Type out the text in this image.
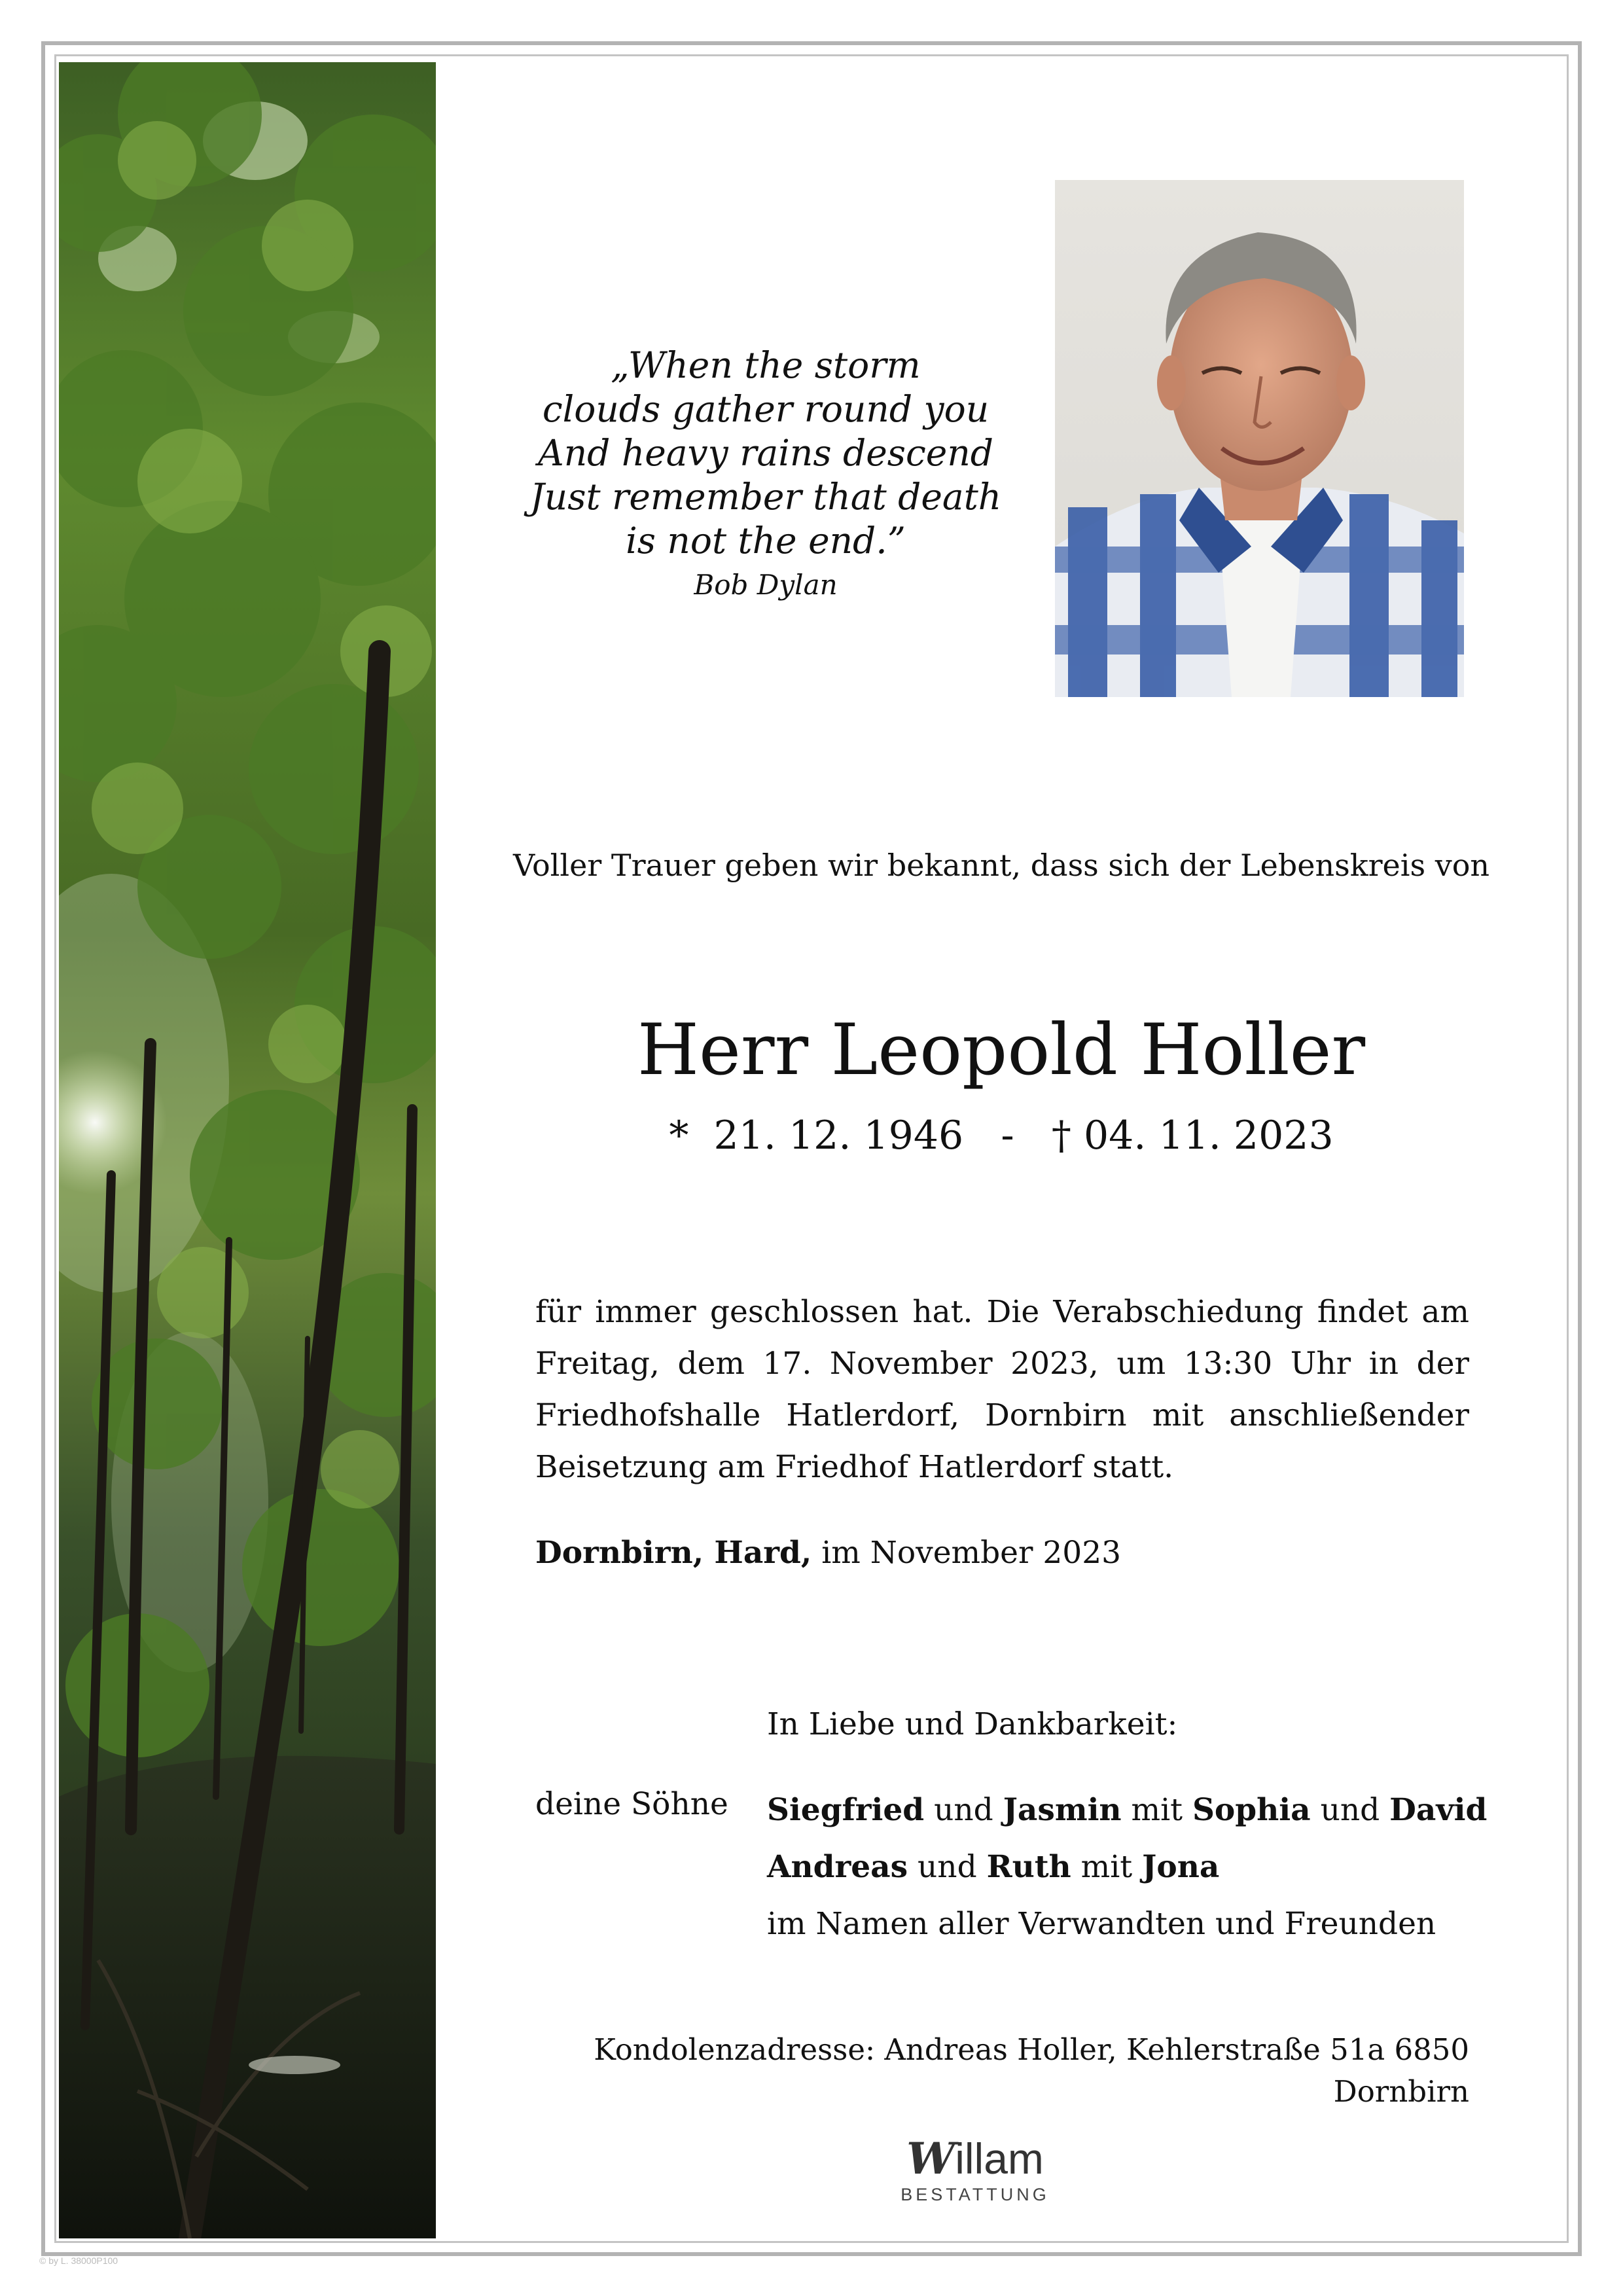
„When the storm
clouds gather round you
And heavy rains descend
Just remember that death
is not the end.”
Bob Dylan
Voller Trauer geben wir bekannt, dass sich der Lebenskreis von
Herr Leopold Holler
*  21. 12. 1946   -   † 04. 11. 2023
für immer geschlossen hat. Die Verabschiedung findet am Freitag, dem 17. November 2023, um 13:30 Uhr in der Friedhofshalle Hatlerdorf, Dornbirn mit anschließender Beisetzung am Friedhof Hatlerdorf statt.
Dornbirn, Hard, im November 2023
In Liebe und Dankbarkeit:
deine Söhne Siegfried und Jasmin mit Sophia und David
Andreas und Ruth mit Jona
im Namen aller Verwandten und Freunden
Kondolenzadresse: Andreas Holler, Kehlerstraße 51a 6850 Dornbirn
Willam
BESTATTUNG
© by L. 38000P100
